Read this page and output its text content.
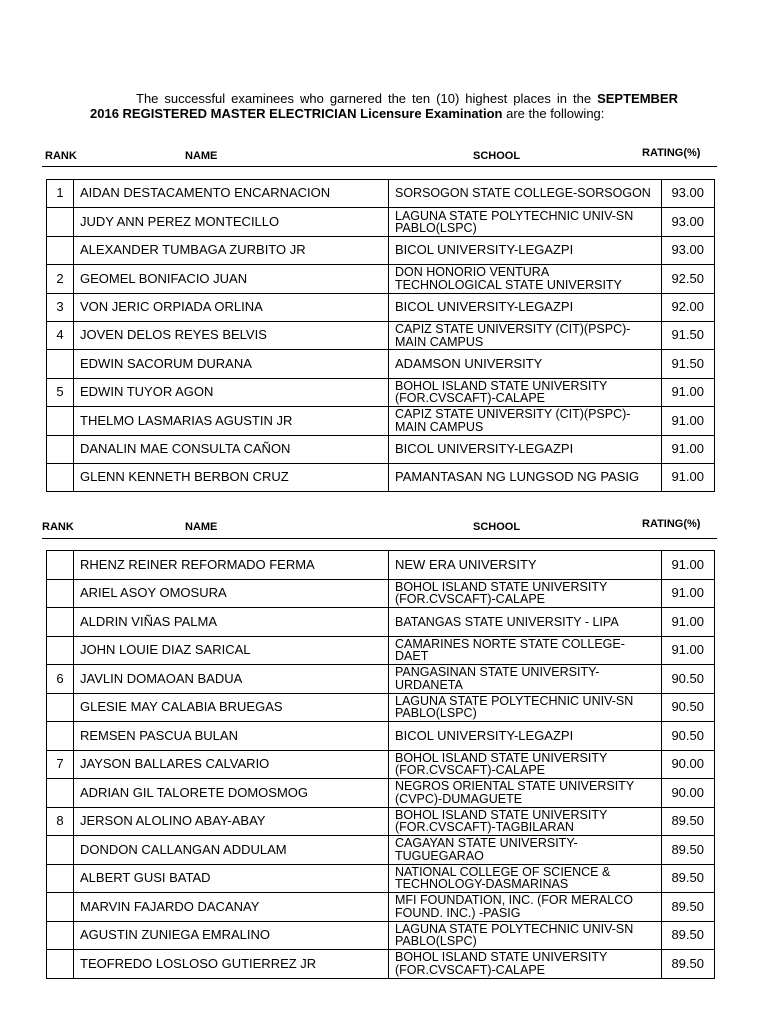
The successful examinees who garnered the ten (10) highest places in the SEPTEMBER 2016 REGISTERED MASTER ELECTRICIAN Licensure Examination are the following:
RANK	NAME	SCHOOL	RATING(%)
1	AIDAN DESTACAMENTO ENCARNACION	SORSOGON STATE COLLEGE-SORSOGON	93.00
	JUDY ANN PEREZ MONTECILLO	LAGUNA STATE POLYTECHNIC UNIV-SN PABLO(LSPC)	93.00
	ALEXANDER TUMBAGA ZURBITO JR	BICOL UNIVERSITY-LEGAZPI	93.00
2	GEOMEL BONIFACIO JUAN	DON HONORIO VENTURA TECHNOLOGICAL STATE UNIVERSITY	92.50
3	VON JERIC ORPIADA ORLINA	BICOL UNIVERSITY-LEGAZPI	92.00
4	JOVEN DELOS REYES BELVIS	CAPIZ STATE UNIVERSITY (CIT)(PSPC)-MAIN CAMPUS	91.50
	EDWIN SACORUM DURANA	ADAMSON UNIVERSITY	91.50
5	EDWIN TUYOR AGON	BOHOL ISLAND STATE UNIVERSITY (FOR.CVSCAFT)-CALAPE	91.00
	THELMO LASMARIAS AGUSTIN JR	CAPIZ STATE UNIVERSITY (CIT)(PSPC)-MAIN CAMPUS	91.00
	DANALIN MAE CONSULTA CAÑON	BICOL UNIVERSITY-LEGAZPI	91.00
	GLENN KENNETH BERBON CRUZ	PAMANTASAN NG LUNGSOD NG PASIG	91.00
RANK	NAME	SCHOOL	RATING(%)
	RHENZ REINER REFORMADO FERMA	NEW ERA UNIVERSITY	91.00
	ARIEL ASOY OMOSURA	BOHOL ISLAND STATE UNIVERSITY (FOR.CVSCAFT)-CALAPE	91.00
	ALDRIN VIÑAS PALMA	BATANGAS STATE UNIVERSITY - LIPA	91.00
	JOHN LOUIE DIAZ SARICAL	CAMARINES NORTE STATE COLLEGE-DAET	91.00
6	JAVLIN DOMAOAN BADUA	PANGASINAN STATE UNIVERSITY-URDANETA	90.50
	GLESIE MAY CALABIA BRUEGAS	LAGUNA STATE POLYTECHNIC UNIV-SN PABLO(LSPC)	90.50
	REMSEN PASCUA BULAN	BICOL UNIVERSITY-LEGAZPI	90.50
7	JAYSON BALLARES CALVARIO	BOHOL ISLAND STATE UNIVERSITY (FOR.CVSCAFT)-CALAPE	90.00
	ADRIAN GIL TALORETE DOMOSMOG	NEGROS ORIENTAL STATE UNIVERSITY (CVPC)-DUMAGUETE	90.00
8	JERSON ALOLINO ABAY-ABAY	BOHOL ISLAND STATE UNIVERSITY (FOR.CVSCAFT)-TAGBILARAN	89.50
	DONDON CALLANGAN ADDULAM	CAGAYAN STATE UNIVERSITY-TUGUEGARAO	89.50
	ALBERT GUSI BATAD	NATIONAL COLLEGE OF SCIENCE & TECHNOLOGY-DASMARINAS	89.50
	MARVIN FAJARDO DACANAY	MFI FOUNDATION, INC. (FOR MERALCO FOUND. INC.) -PASIG	89.50
	AGUSTIN ZUNIEGA EMRALINO	LAGUNA STATE POLYTECHNIC UNIV-SN PABLO(LSPC)	89.50
	TEOFREDO LOSLOSO GUTIERREZ JR	BOHOL ISLAND STATE UNIVERSITY (FOR.CVSCAFT)-CALAPE	89.50
